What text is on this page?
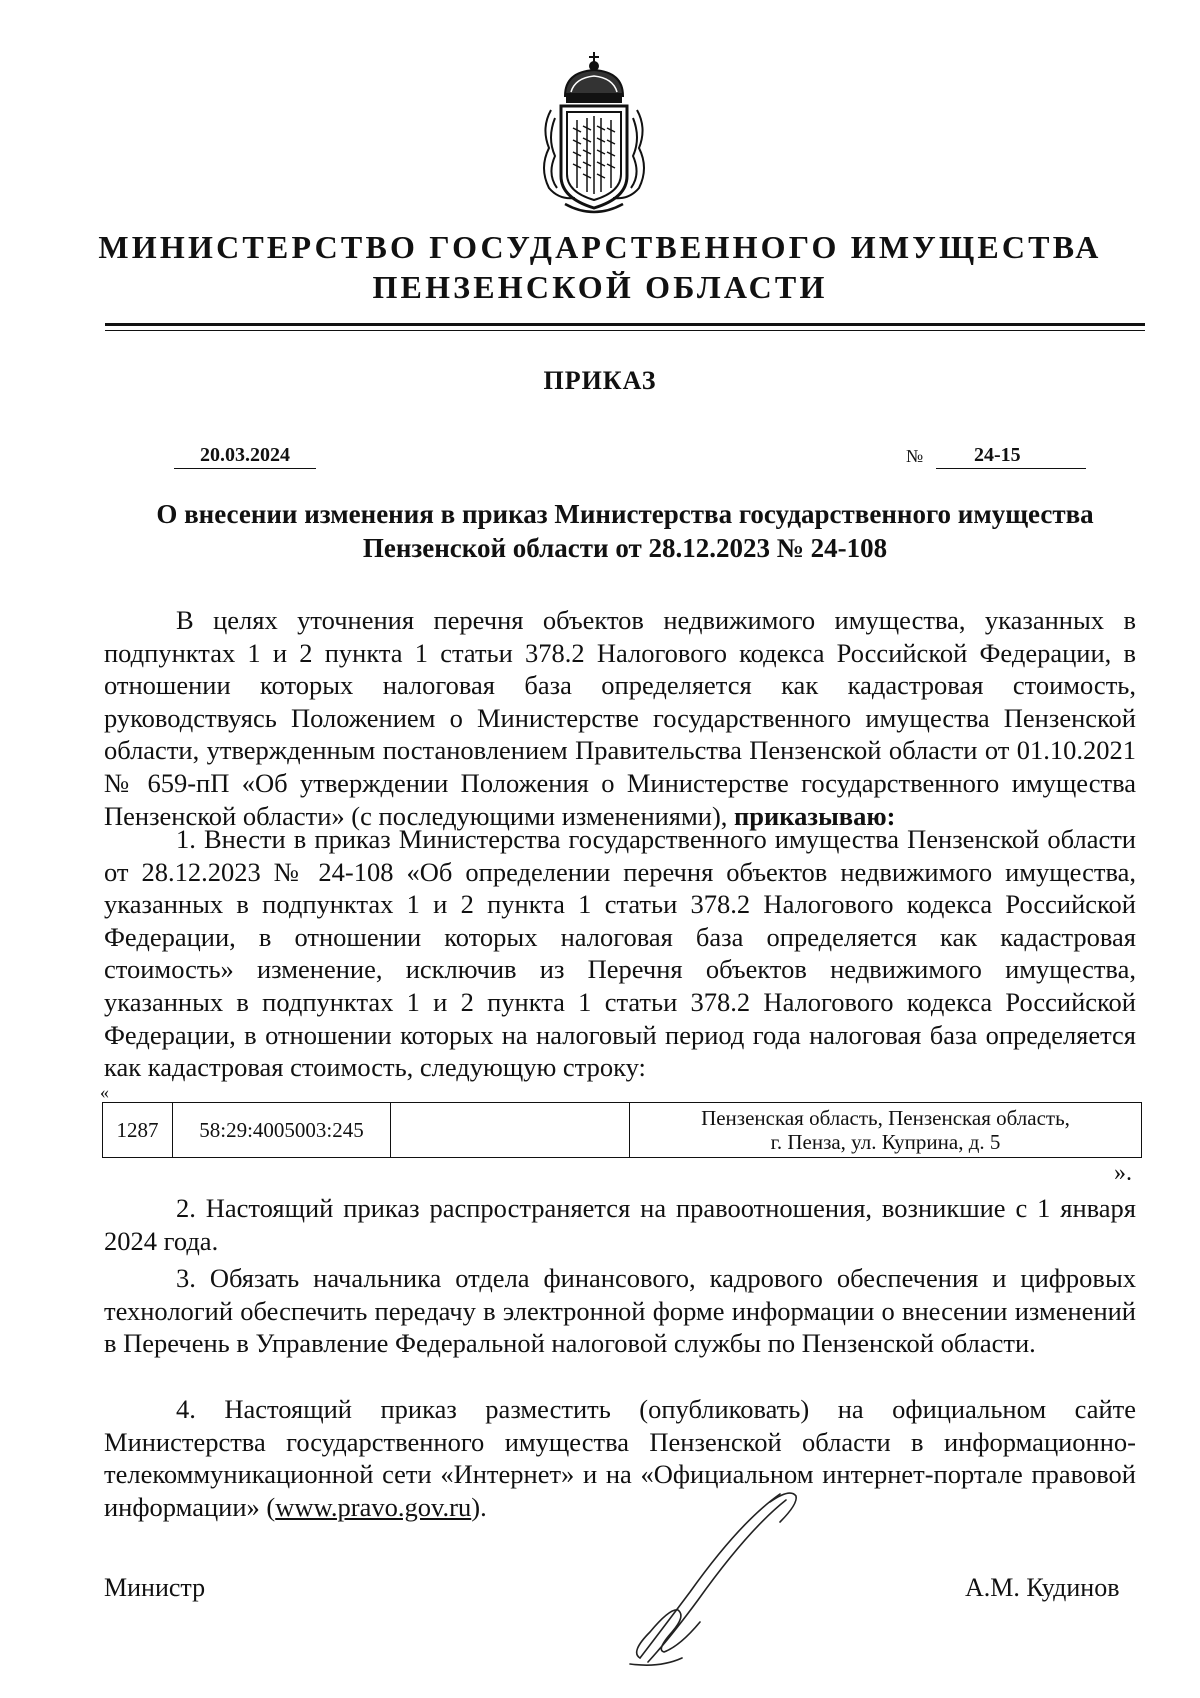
МИНИСТЕРСТВО ГОСУДАРСТВЕННОГО ИМУЩЕСТВА
ПЕНЗЕНСКОЙ ОБЛАСТИ
ПРИКАЗ
20.03.2024	№	24-15
О внесении изменения в приказ Министерства государственного имущества Пензенской области от 28.12.2023 № 24-108

В целях уточнения перечня объектов недвижимого имущества, указанных в подпунктах 1 и 2 пункта 1 статьи 378.2 Налогового кодекса Российской Федерации, в отношении которых налоговая база определяется как кадастровая стоимость, руководствуясь Положением о Министерстве государственного имущества Пензенской области, утвержденным постановлением Правительства Пензенской области от 01.10.2021 № 659-пП «Об утверждении Положения о Министерстве государственного имущества Пензенской области» (с последующими изменениями), приказываю:

1. Внести в приказ Министерства государственного имущества Пензенской области от 28.12.2023 № 24-108 «Об определении перечня объектов недвижимого имущества, указанных в подпунктах 1 и 2 пункта 1 статьи 378.2 Налогового кодекса Российской Федерации, в отношении которых налоговая база определяется как кадастровая стоимость» изменение, исключив из Перечня объектов недвижимого имущества, указанных в подпунктах 1 и 2 пункта 1 статьи 378.2 Налогового кодекса Российской Федерации, в отношении которых на налоговый период года налоговая база определяется как кадастровая стоимость, следующую строку:

«
1287	58:29:4005003:245		Пензенская область, Пензенская область,
г. Пенза, ул. Куприна, д. 5
».

2. Настоящий приказ распространяется на правоотношения, возникшие с 1 января 2024 года.

3. Обязать начальника отдела финансового, кадрового обеспечения и цифровых технологий обеспечить передачу в электронной форме информации о внесении изменений в Перечень в Управление Федеральной налоговой службы по Пензенской области.

4. Настоящий приказ разместить (опубликовать) на официальном сайте Министерства государственного имущества Пензенской области в информационно-телекоммуникационной сети «Интернет» и на «Официальном интернет-портале правовой информации» (www.pravo.gov.ru).

Министр	А.М. Кудинов
